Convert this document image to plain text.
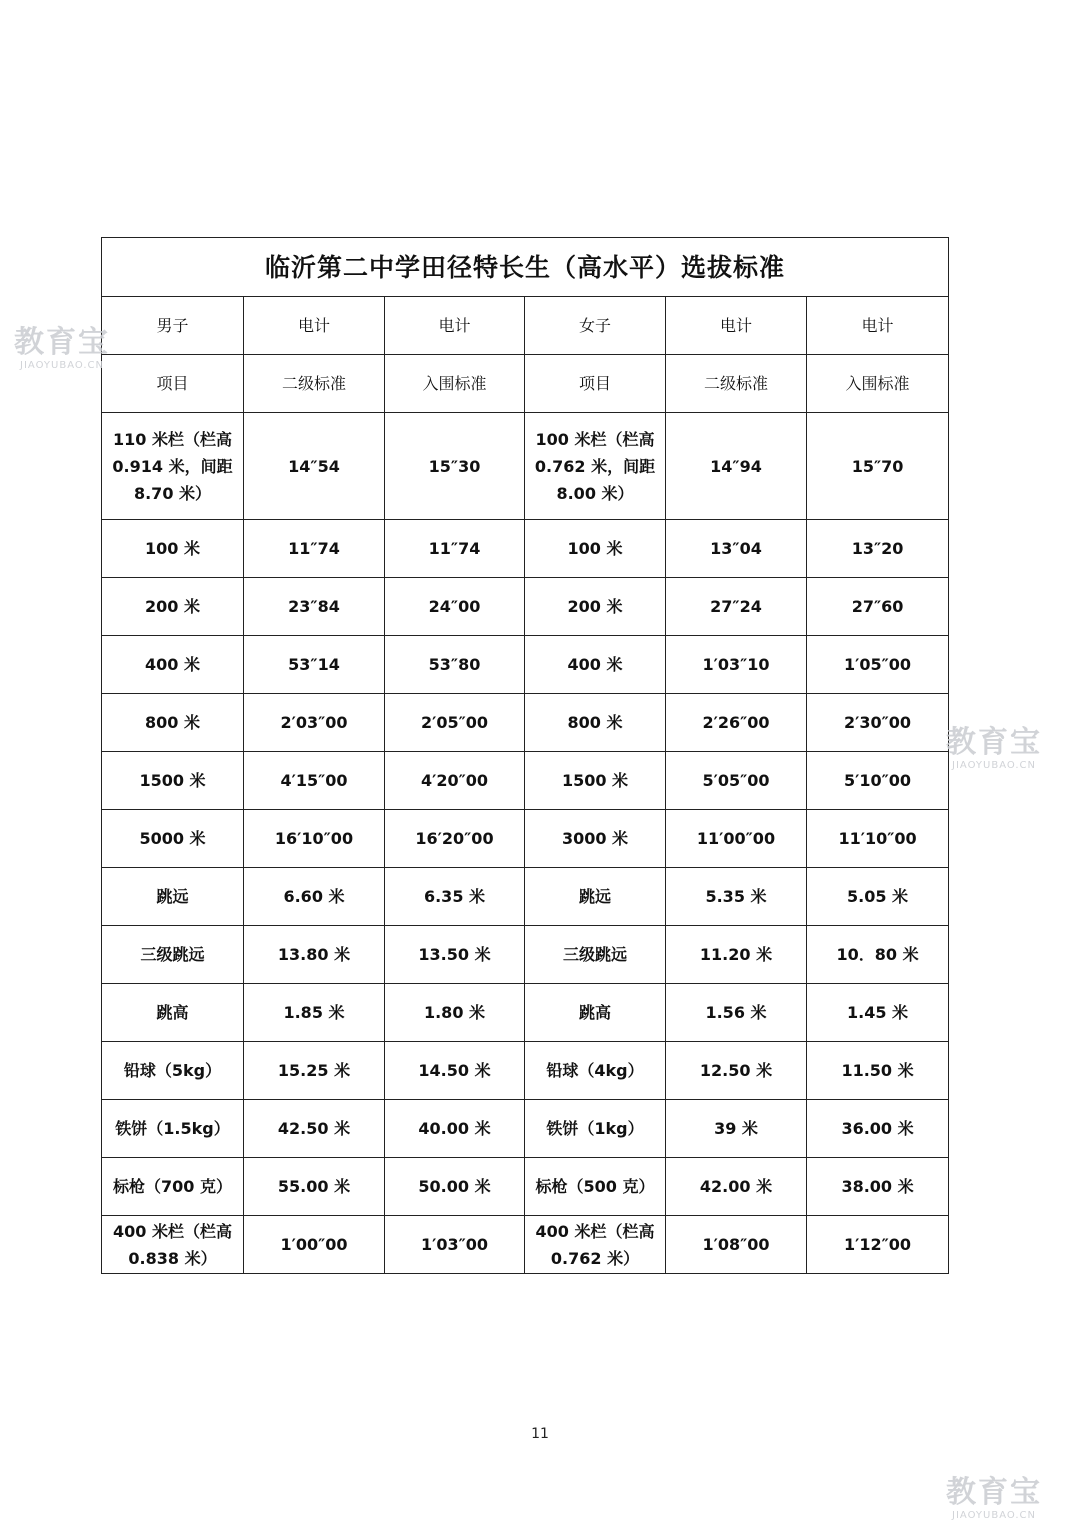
临沂第二中学田径特长生（高水平）选拔标准					
男子	电计	电计	女子	电计	电计
项目	二级标准	入围标准	项目	二级标准	入围标准
110 米栏（栏高
0.914 米，间距
8.70 米）	14″54	15″30	100 米栏（栏高
0.762 米，间距
8.00 米）	14″94	15″70
100 米	11″74	11″74	100 米	13″04	13″20
200 米	23″84	24″00	200 米	27″24	27″60
400 米	53″14	53″80	400 米	1′03″10	1′05″00
800 米	2′03″00	2′05″00	800 米	2′26″00	2′30″00
1500 米	4′15″00	4′20″00	1500 米	5′05″00	5′10″00
5000 米	16′10″00	16′20″00	3000 米	11′00″00	11′10″00
跳远	6.60 米	6.35 米	跳远	5.35 米	5.05 米
三级跳远	13.80 米	13.50 米	三级跳远	11.20 米	10．80 米
跳高	1.85 米	1.80 米	跳高	1.56 米	1.45 米
铅球（5kg）	15.25 米	14.50 米	铅球（4kg）	12.50 米	11.50 米
铁饼（1.5kg）	42.50 米	40.00 米	铁饼（1kg）	39 米	36.00 米
标枪（700 克）	55.00 米	50.00 米	标枪（500 克）	42.00 米	38.00 米
400 米栏（栏高
0.838 米）	1′00″00	1′03″00	400 米栏（栏高
0.762 米）	1′08″00	1′12″00
教育宝
JIAOYUBAO.CN
教育宝
JIAOYUBAO.CN
教育宝
JIAOYUBAO.CN
11
